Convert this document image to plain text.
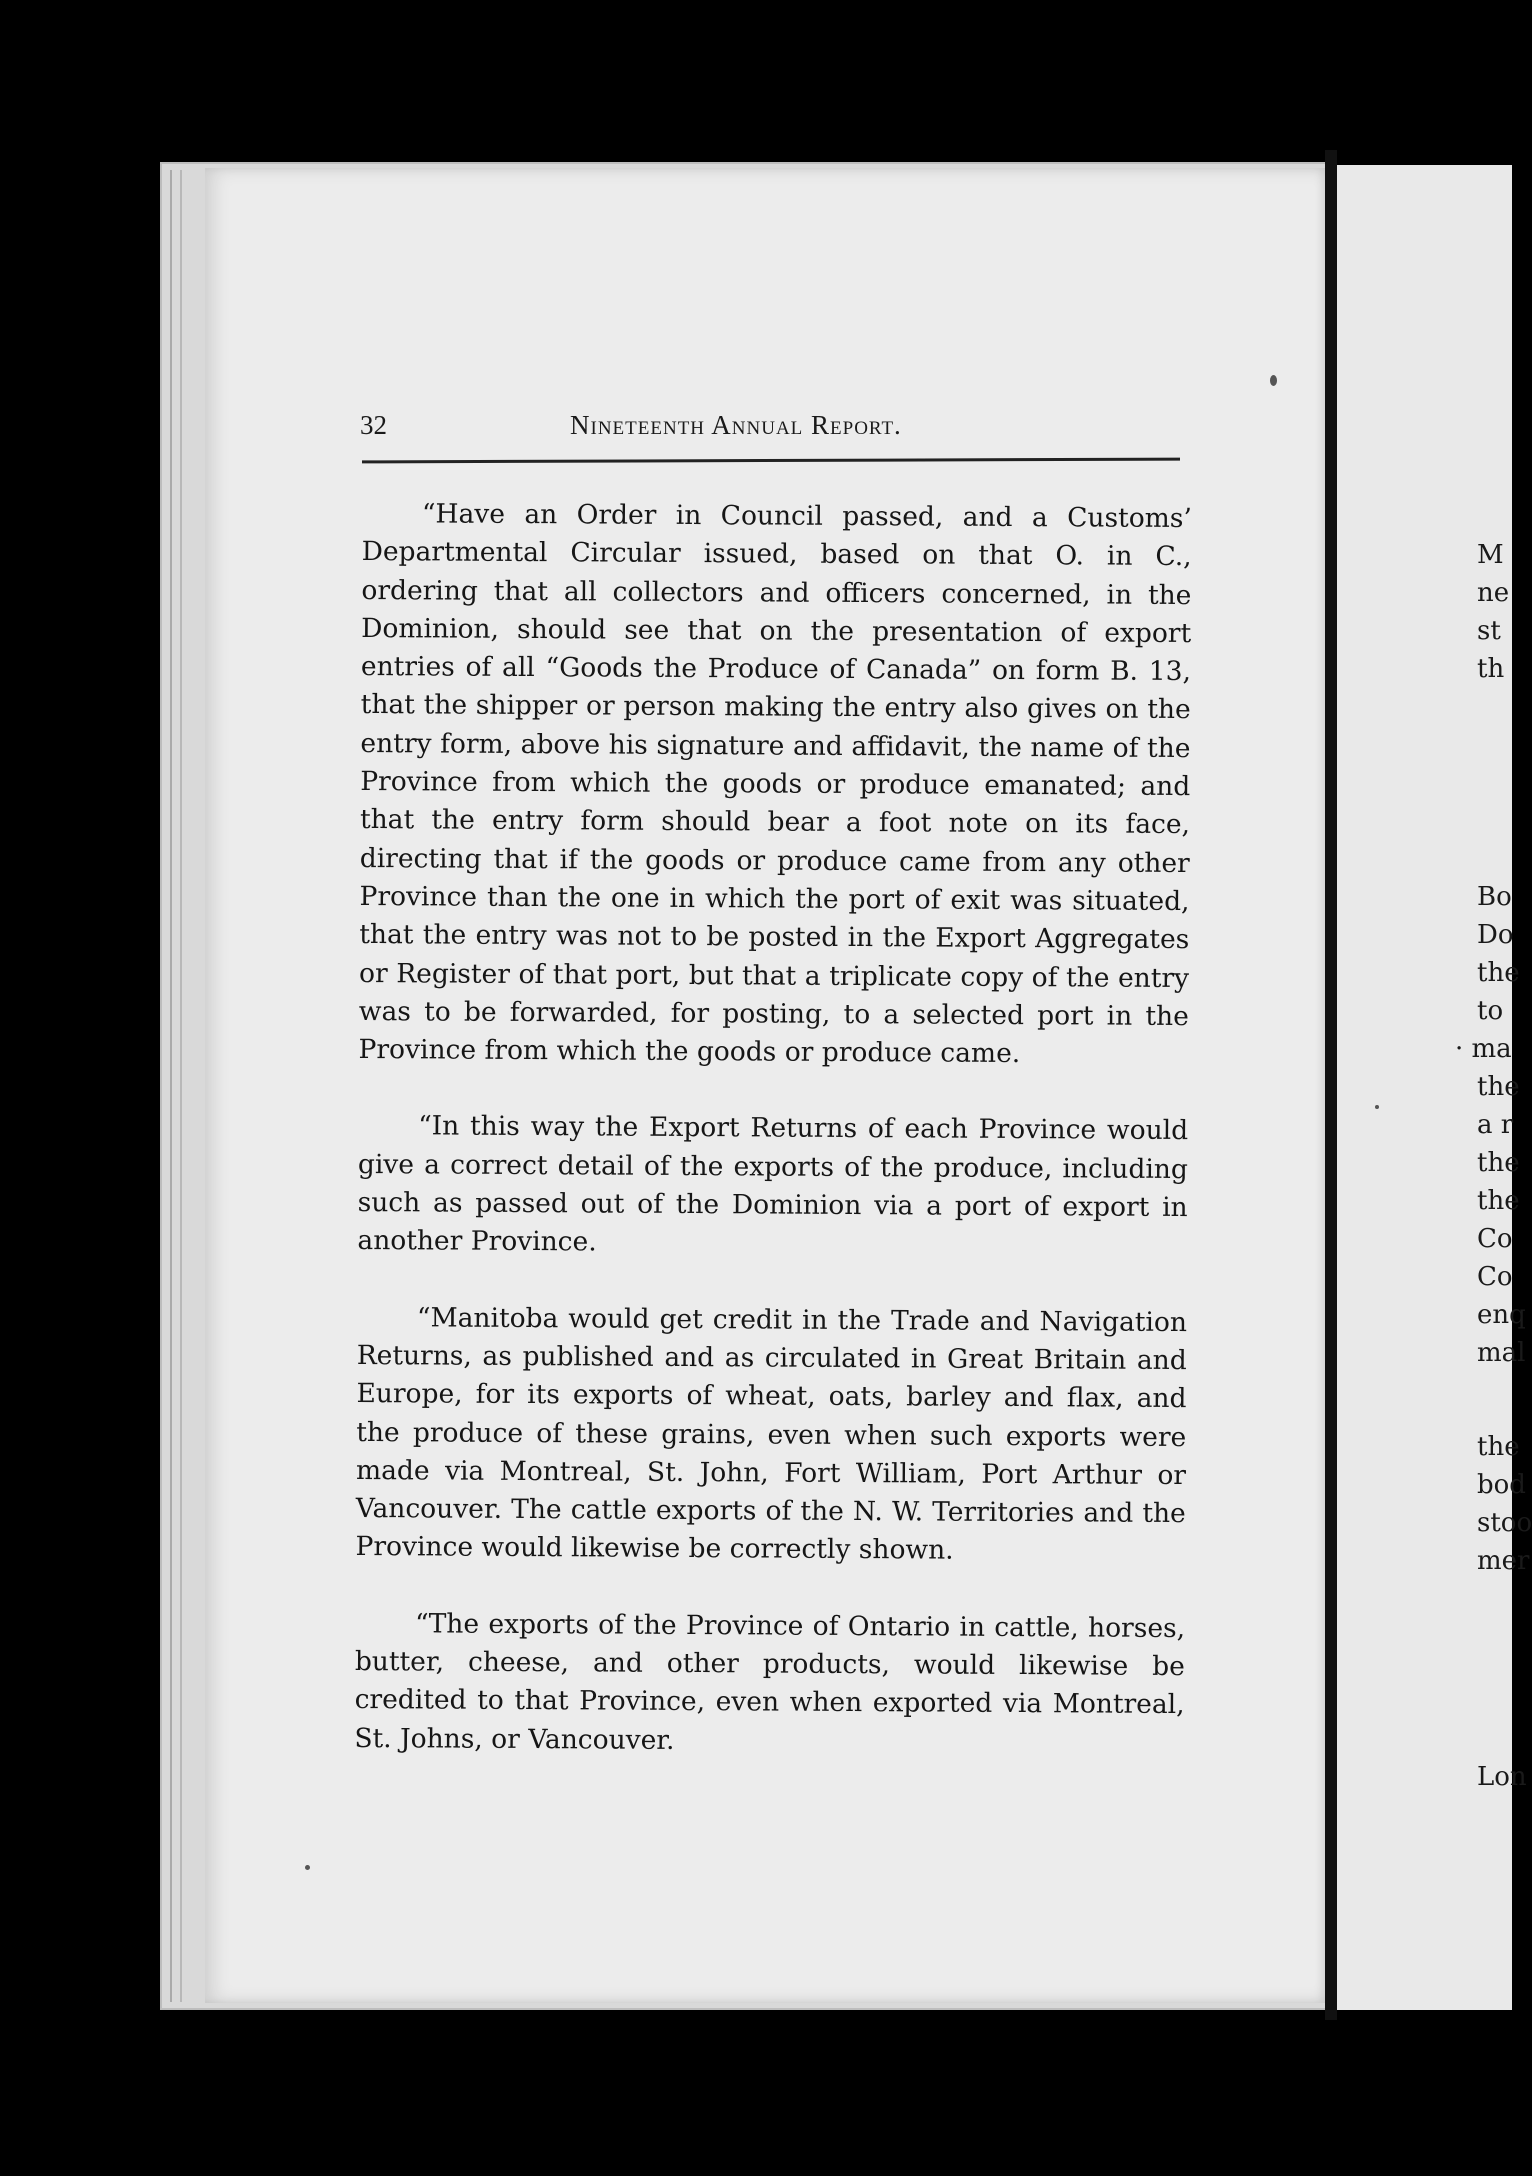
32	Nineteenth Annual Report.

“Have an Order in Council passed, and a Customs’ Departmental Circular issued, based on that O. in C., ordering that all collectors and officers concerned, in the Dominion, should see that on the presentation of export entries of all “Goods the Produce of Canada” on form B. 13, that the shipper or person making the entry also gives on the entry form, above his signature and affidavit, the name of the Province from which the goods or produce emanated; and that the entry form should bear a foot note on its face, directing that if the goods or produce came from any other Province than the one in which the port of exit was situated, that the entry was not to be posted in the Export Aggregates or Register of that port, but that a triplicate copy of the entry was to be forwarded, for posting, to a selected port in the Province from which the goods or produce came.

“In this way the Export Returns of each Province would give a correct detail of the exports of the produce, including such as passed out of the Dominion via a port of export in another Province.

“Manitoba would get credit in the Trade and Navigation Returns, as published and as circulated in Great Britain and Europe, for its exports of wheat, oats, barley and flax, and the produce of these grains, even when such exports were made via Montreal, St. John, Fort William, Port Arthur or Vancouver. The cattle exports of the N. W. Territories and the Province would likewise be correctly shown.

“The exports of the Province of Ontario in cattle, horses, butter, cheese, and other products, would likewise be credited to that Province, even when exported via Montreal, St. Johns, or Vancouver.

M
ne
st
th
Bo
Do
the
to
· ma
the
a r
the
the
Co
Co
enq
mal
the
bod
stoo
mer
Lon
